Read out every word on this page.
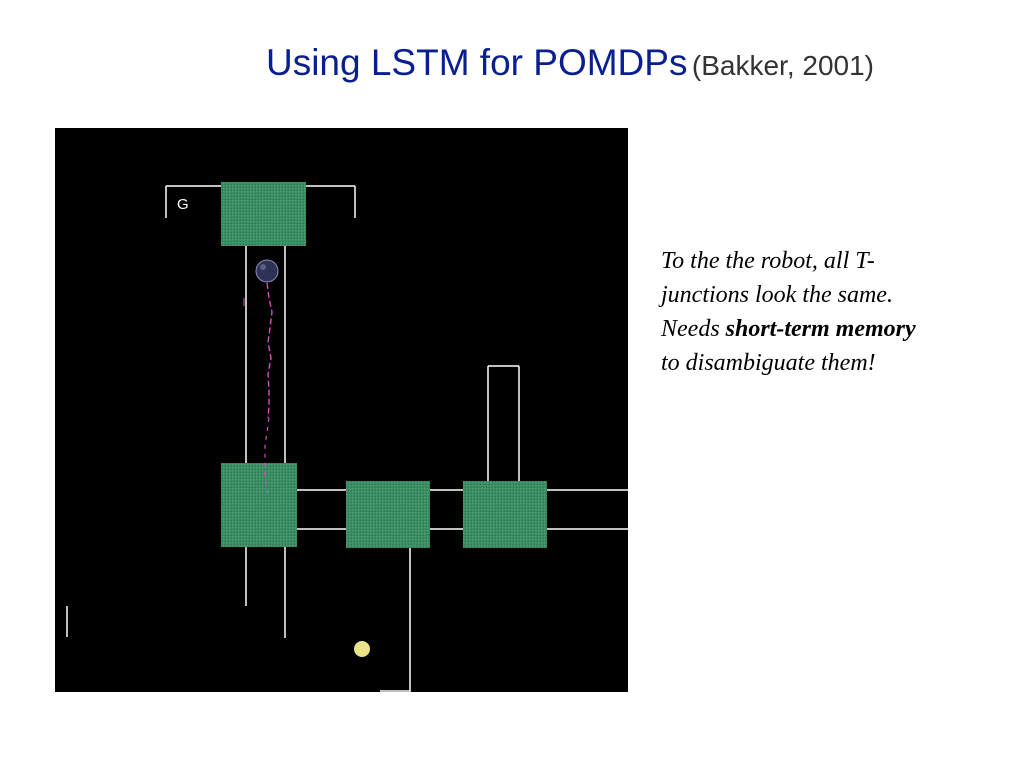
Using LSTM for POMDPs (Bakker, 2001)
G
To the the robot, all T-
junctions look the same.
Needs short-term memory
to disambiguate them!
